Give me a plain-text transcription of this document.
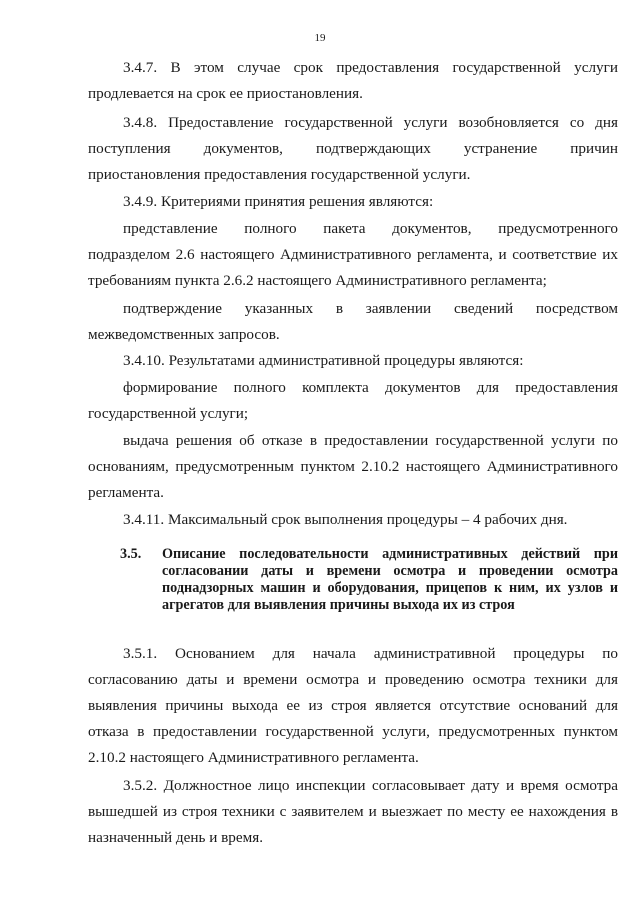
19
3.4.7. В этом случае срок предоставления государственной услуги
продлевается на срок ее приостановления.
3.4.8. Предоставление государственной услуги возобновляется со дня
поступления документов, подтверждающих устранение причин
приостановления предоставления государственной услуги.
3.4.9. Критериями принятия решения являются:
представление полного пакета документов, предусмотренного
подразделом 2.6 настоящего Административного регламента, и соответствие их
требованиям пункта 2.6.2 настоящего Административного регламента;
подтверждение указанных в заявлении сведений посредством
межведомственных запросов.
3.4.10. Результатами административной процедуры являются:
формирование полного комплекта документов для предоставления
государственной услуги;
выдача решения об отказе в предоставлении государственной услуги по
основаниям, предусмотренным пунктом 2.10.2 настоящего Административного
регламента.
3.4.11. Максимальный срок выполнения процедуры – 4 рабочих дня.
3.5.	Описание последовательности административных действий при согласовании даты и времени осмотра и проведении осмотра поднадзорных машин и оборудования, прицепов к ним, их узлов и агрегатов для выявления причины выхода их из строя
3.5.1. Основанием для начала административной процедуры по
согласованию даты и времени осмотра и проведению осмотра техники для
выявления причины выхода ее из строя является отсутствие оснований для
отказа в предоставлении государственной услуги, предусмотренных пунктом
2.10.2 настоящего Административного регламента.
3.5.2. Должностное лицо инспекции согласовывает дату и время осмотра
вышедшей из строя техники с заявителем и выезжает по месту ее нахождения в
назначенный день и время.
